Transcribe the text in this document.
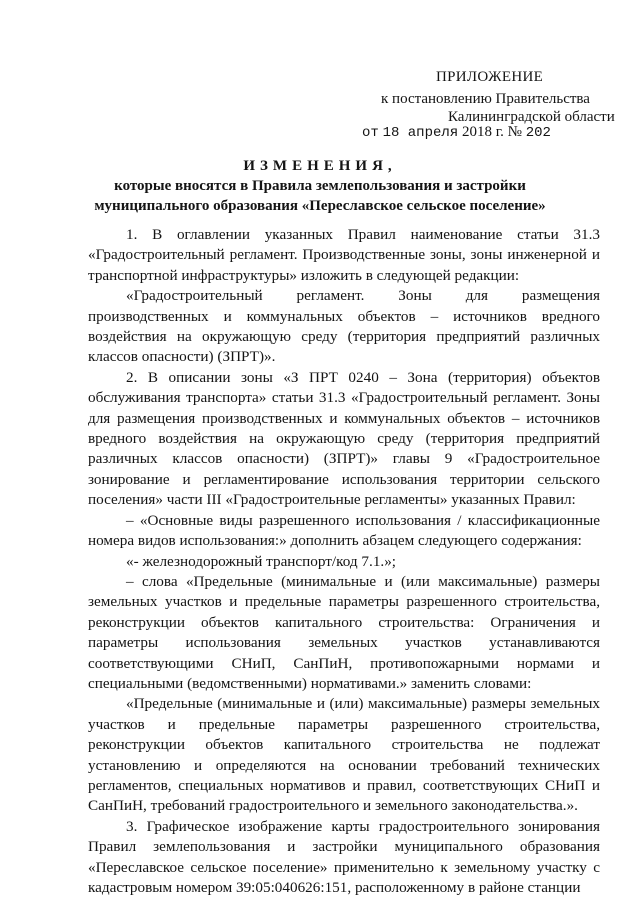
ПРИЛОЖЕНИЕ
к постановлению Правительства
Калининградской области
от 18 апреля 2018 г. № 202
ИЗМЕНЕНИЯ,
которые вносятся в Правила землепользования и застройки муниципального образования «Переславское сельское поселение»

1. В оглавлении указанных Правил наименование статьи 31.3 «Градостроительный регламент. Производственные зоны, зоны инженерной и транспортной инфраструктуры» изложить в следующей редакции:

«Градостроительный регламент. Зоны для размещения производственных и коммунальных объектов – источников вредного воздействия на окружающую среду (территория предприятий различных классов опасности) (ЗПРТ)».

2. В описании зоны «З ПРТ 0240 – Зона (территория) объектов обслуживания транспорта» статьи 31.3 «Градостроительный регламент. Зоны для размещения производственных и коммунальных объектов – источников вредного воздействия на окружающую среду (территория предприятий различных классов опасности) (ЗПРТ)» главы 9 «Градостроительное зонирование и регламентирование использования территории сельского поселения» части III «Градостроительные регламенты» указанных Правил:

– «Основные виды разрешенного использования / классификационные номера видов использования:» дополнить абзацем следующего содержания:

«- железнодорожный транспорт/код 7.1.»;

– слова «Предельные (минимальные и (или максимальные) размеры земельных участков и предельные параметры разрешенного строительства, реконструкции объектов капитального строительства: Ограничения и параметры использования земельных участков устанавливаются соответствующими СНиП, СанПиН, противопожарными нормами и специальными (ведомственными) нормативами.» заменить словами:

«Предельные (минимальные и (или) максимальные) размеры земельных участков и предельные параметры разрешенного строительства, реконструкции объектов капитального строительства не подлежат установлению и определяются на основании требований технических регламентов, специальных нормативов и правил, соответствующих СНиП и СанПиН, требований градостроительного и земельного законодательства.».

3. Графическое изображение карты градостроительного зонирования Правил землепользования и застройки муниципального образования «Переславское сельское поселение» применительно к земельному участку с кадастровым номером 39:05:040626:151, расположенному в районе станции
